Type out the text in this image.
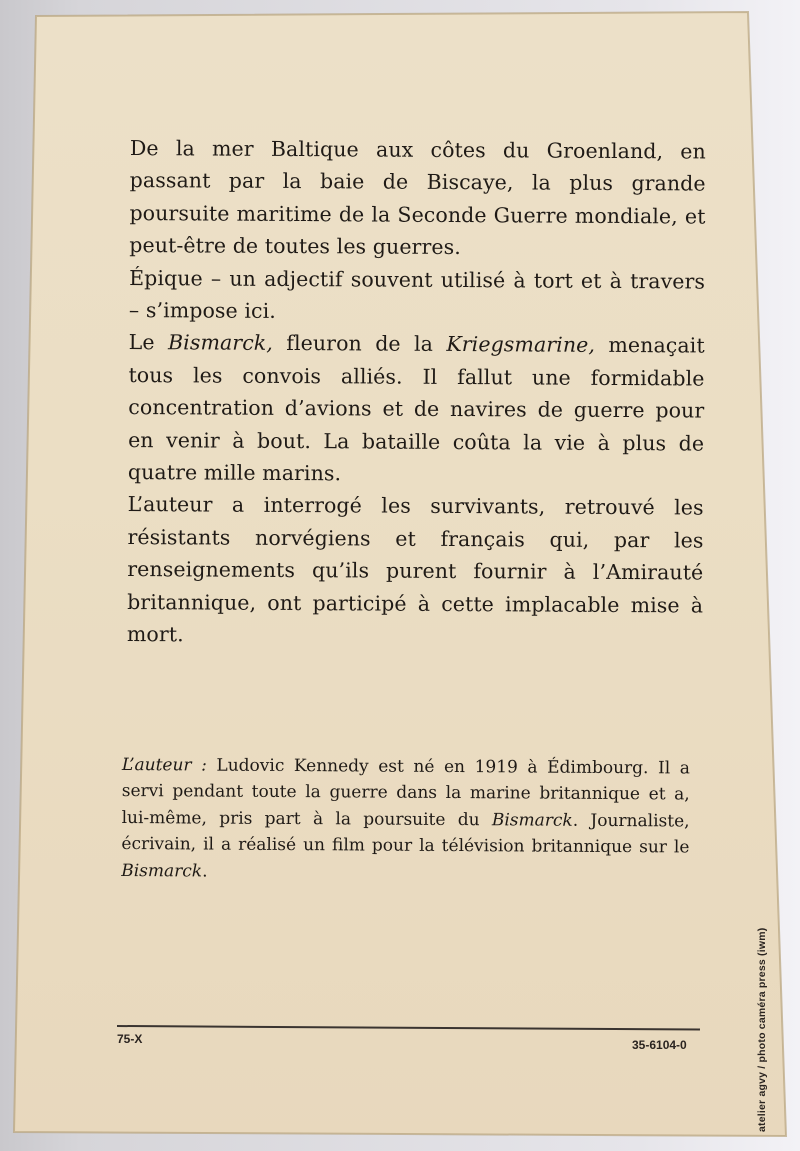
De la mer Baltique aux côtes du Groenland, en passant par la baie de Biscaye, la plus grande poursuite maritime de la Seconde Guerre mondiale, et peut-être de toutes les guerres.

Épique – un adjectif souvent utilisé à tort et à travers – s’impose ici.

Le Bismarck, fleuron de la Kriegsmarine, menaçait tous les convois alliés. Il fallut une formidable concentration d’avions et de navires de guerre pour en venir à bout. La bataille coûta la vie à plus de quatre mille marins.

L’auteur a interrogé les survivants, retrouvé les résistants norvégiens et français qui, par les renseignements qu’ils purent fournir à l’Amirauté britannique, ont participé à cette implacable mise à mort.

L’auteur : Ludovic Kennedy est né en 1919 à Édimbourg. Il a servi pendant toute la guerre dans la marine britannique et a, lui-même, pris part à la poursuite du Bismarck. Journaliste, écrivain, il a réalisé un film pour la télévision britannique sur le Bismarck.

75-X	35-6104-0	atelier agvy / photo caméra press (iwm)
